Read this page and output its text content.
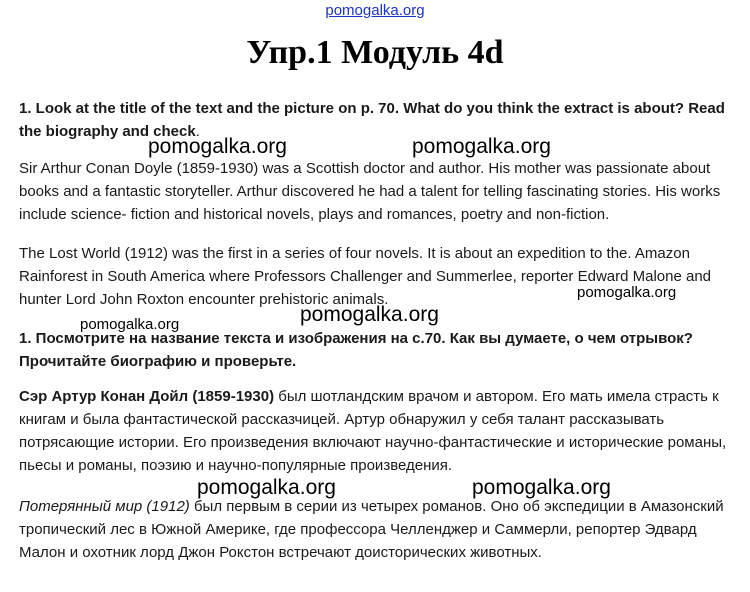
pomogalka.org
Упр.1 Модуль 4d

1. Look at the title of the text and the picture on p. 70. What do you think the extract is about? Read the biography and check.

Sir Arthur Conan Doyle (1859-1930) was a Scottish doctor and author. His mother was passionate about books and a fantastic storyteller. Arthur discovered he had a talent for telling fascinating stories. His works include science- fiction and historical novels, plays and romances, poetry and non-fiction.

The Lost World (1912) was the first in a series of four novels. It is about an expedition to the. Amazon Rainforest in South America where Professors Challenger and Summerlee, reporter Edward Malone and hunter Lord John Roxton encounter prehistoric animals.

1. Посмотрите на название текста и изображения на с.70. Как вы думаете, о чем отрывок? Прочитайте биографию и проверьте.

Сэр Артур Конан Дойл (1859-1930) был шотландским врачом и автором. Его мать имела страсть к книгам и была фантастической рассказчицей. Артур обнаружил у себя талант рассказывать потрясающие истории. Его произведения включают научно-фантастические и исторические романы, пьесы и романы, поэзию и научно-популярные произведения.

Потерянный мир (1912) был первым в серии из четырех романов. Оно об экспедиции в Амазонский тропический лес в Южной Америке, где профессора Челленджер и Саммерли, репортер Эдвард Малон и охотник лорд Джон Рокстон встречают доисторических животных.

pomogalka.org	pomogalka.org
pomogalka.org
pomogalka.org
pomogalka.org
pomogalka.org	pomogalka.org
